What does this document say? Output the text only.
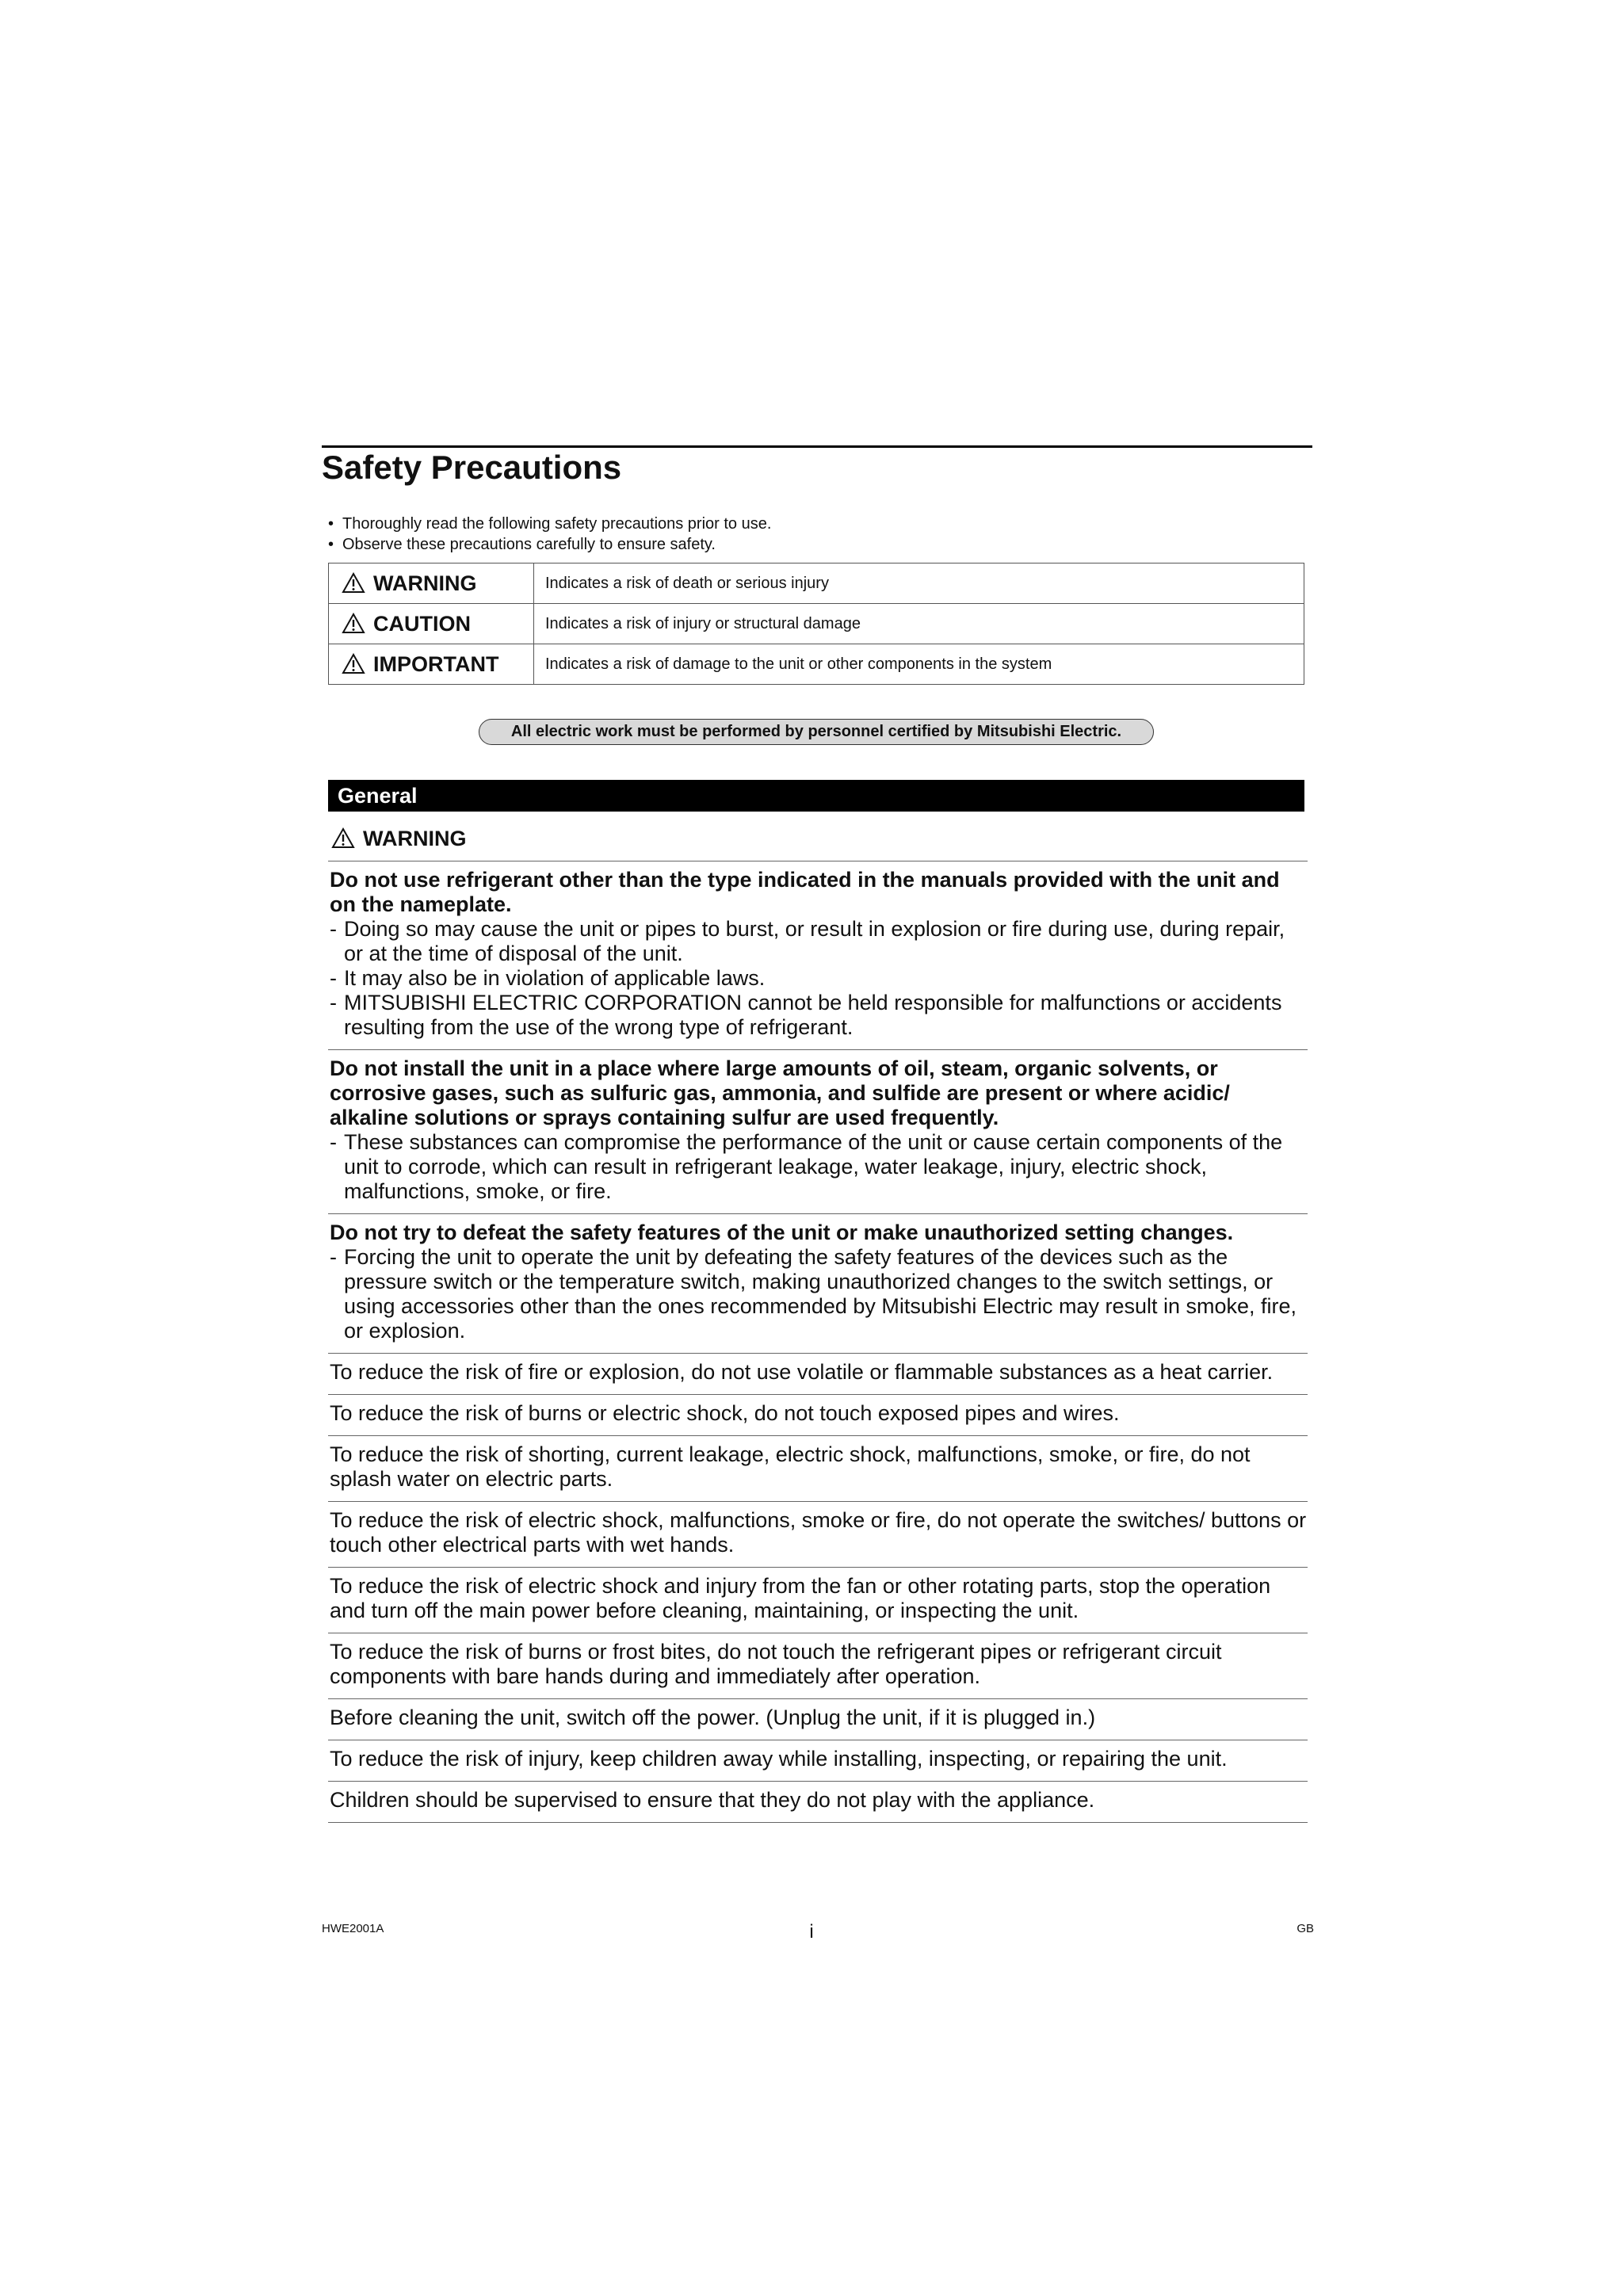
Safety Precautions
• Thoroughly read the following safety precautions prior to use.
• Observe these precautions carefully to ensure safety.
WARNING	Indicates a risk of death or serious injury
CAUTION	Indicates a risk of injury or structural damage
IMPORTANT	Indicates a risk of damage to the unit or other components in the system
All electric work must be performed by personnel certified by Mitsubishi Electric.
General
WARNING
Do not use refrigerant other than the type indicated in the manuals provided with the unit and on the nameplate.
- Doing so may cause the unit or pipes to burst, or result in explosion or fire during use, during repair, or at the time of disposal of the unit.
- It may also be in violation of applicable laws.
- MITSUBISHI ELECTRIC CORPORATION cannot be held responsible for malfunctions or accidents resulting from the use of the wrong type of refrigerant.
Do not install the unit in a place where large amounts of oil, steam, organic solvents, or corrosive gases, such as sulfuric gas, ammonia, and sulfide are present or where acidic/ alkaline solutions or sprays containing sulfur are used frequently.
- These substances can compromise the performance of the unit or cause certain components of the unit to corrode, which can result in refrigerant leakage, water leakage, injury, electric shock, malfunctions, smoke, or fire.
Do not try to defeat the safety features of the unit or make unauthorized setting changes.
- Forcing the unit to operate the unit by defeating the safety features of the devices such as the pressure switch or the temperature switch, making unauthorized changes to the switch settings, or using accessories other than the ones recommended by Mitsubishi Electric may result in smoke, fire, or explosion.
To reduce the risk of fire or explosion, do not use volatile or flammable substances as a heat carrier.
To reduce the risk of burns or electric shock, do not touch exposed pipes and wires.
To reduce the risk of shorting, current leakage, electric shock, malfunctions, smoke, or fire, do not splash water on electric parts.
To reduce the risk of electric shock, malfunctions, smoke or fire, do not operate the switches/ buttons or touch other electrical parts with wet hands.
To reduce the risk of electric shock and injury from the fan or other rotating parts, stop the operation and turn off the main power before cleaning, maintaining, or inspecting the unit.
To reduce the risk of burns or frost bites, do not touch the refrigerant pipes or refrigerant circuit components with bare hands during and immediately after operation.
Before cleaning the unit, switch off the power. (Unplug the unit, if it is plugged in.)
To reduce the risk of injury, keep children away while installing, inspecting, or repairing the unit.
Children should be supervised to ensure that they do not play with the appliance.
HWE2001A	i	GB
